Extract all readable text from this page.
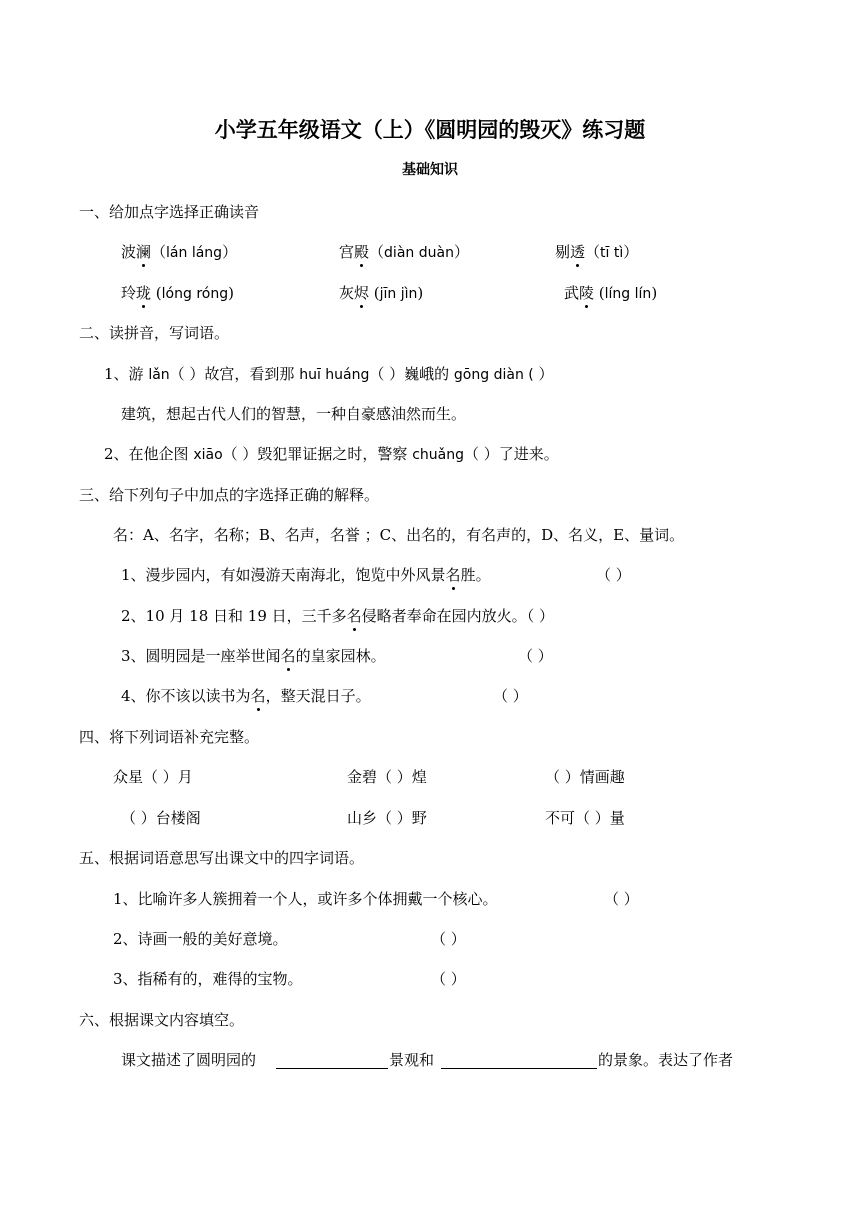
小学五年级语文（上）《圆明园的毁灭》练习题
基础知识
一、给加点字选择正确读音
波澜（lán láng）	宫殿（diàn duàn）	剔透（tī tì）
玲珑 (lóng róng)	灰烬 (jīn jìn)	武陵 (líng lín)
二、读拼音，写词语。
1、游 lǎn（ ）故宫，看到那 huī huáng（ ）巍峨的 gōng diàn ( ）
建筑，想起古代人们的智慧，一种自豪感油然而生。
2、在他企图 xiāo（ ）毁犯罪证据之时，警察 chuǎng（ ）了进来。
三、给下列句子中加点的字选择正确的解释。
名：A、名字，名称；B、名声，名誉 ；C、出名的，有名声的，D、名义，E、量词。
1、漫步园内，有如漫游天南海北，饱览中外风景名胜。	（ ）
2、10 月 18 日和 19 日，三千多名侵略者奉命在园内放火。（ ）
3、圆明园是一座举世闻名的皇家园林。	（ ）
4、你不该以读书为名，整天混日子。	（ ）
四、将下列词语补充完整。
众星（ ）月	金碧（ ）煌	（ ）情画趣
（ ）台楼阁	山乡（ ）野	不可（ ）量
五、根据词语意思写出课文中的四字词语。
1、比喻许多人簇拥着一个人，或许多个体拥戴一个核心。	（ ）
2、诗画一般的美好意境。	（ ）
3、指稀有的，难得的宝物。	（ ）
六、根据课文内容填空。
课文描述了圆明园的	景观和	的景象。表达了作者
